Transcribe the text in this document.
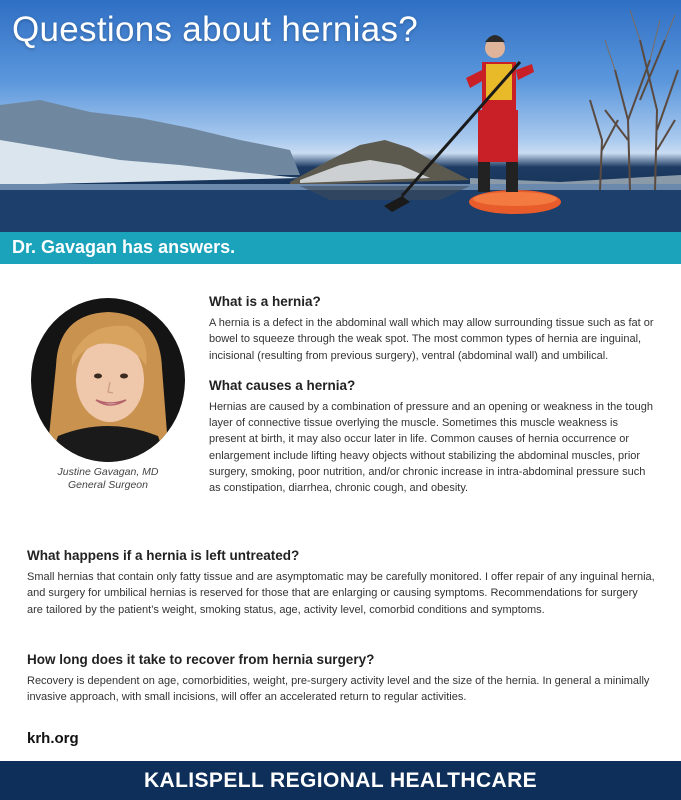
Questions about hernias?
Dr. Gavagan has answers.
Justine Gavagan, MD
General Surgeon
What is a hernia?

A hernia is a defect in the abdominal wall which may allow surrounding tissue such as fat or bowel to squeeze through the weak spot. The most common types of hernia are inguinal, incisional (resulting from previous surgery), ventral (abdominal wall) and umbilical.

What causes a hernia?

Hernias are caused by a combination of pressure and an opening or weakness in the tough layer of connective tissue overlying the muscle. Sometimes this muscle weakness is present at birth, it may also occur later in life. Common causes of hernia occurrence or enlargement include lifting heavy objects without stabilizing the abdominal muscles, prior surgery, smoking, poor nutrition, and/or chronic increase in intra-abdominal pressure such as constipation, diarrhea, chronic cough, and obesity.

What happens if a hernia is left untreated?

Small hernias that contain only fatty tissue and are asymptomatic may be carefully monitored. I offer repair of any inguinal hernia, and surgery for umbilical hernias is reserved for those that are enlarging or causing symptoms. Recommendations for surgery are tailored by the patient’s weight, smoking status, age, activity level, comorbid conditions and symptoms.

How long does it take to recover from hernia surgery?

Recovery is dependent on age, comorbidities, weight, pre-surgery activity level and the size of the hernia. In general a minimally invasive approach, with small incisions, will offer an accelerated return to regular activities.

krh.org
KALISPELL REGIONAL HEALTHCARE
